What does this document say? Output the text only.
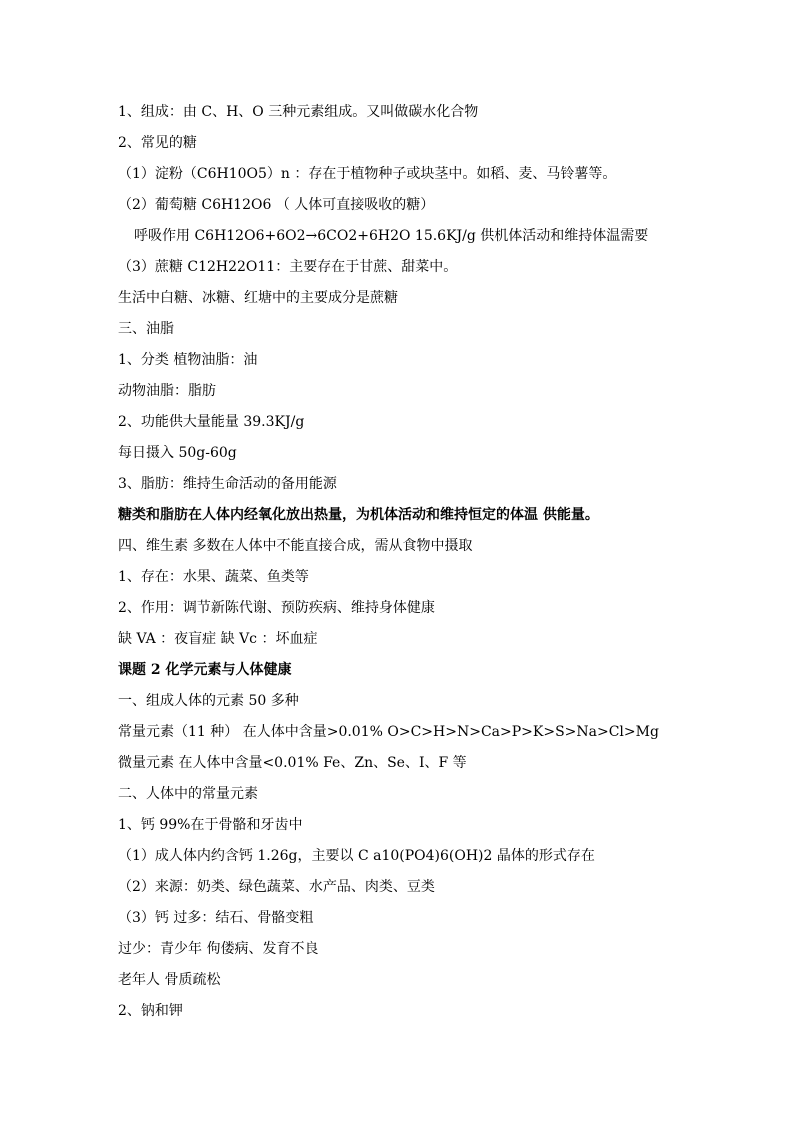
1、组成：由 C、H、O 三种元素组成。又叫做碳水化合物
2、常见的糖
（1）淀粉（C6H10O5）n ：存在于植物种子或块茎中。如稻、麦、马铃薯等。
（2）葡萄糖 C6H12O6 （ 人体可直接吸收的糖）
呼吸作用 C6H12O6+6O2→6CO2+6H2O 15.6KJ/g 供机体活动和维持体温需要
（3）蔗糖 C12H22O11：主要存在于甘蔗、甜菜中。
生活中白糖、冰糖、红塘中的主要成分是蔗糖
三、油脂
1、分类 植物油脂：油
动物油脂：脂肪
2、功能供大量能量 39.3KJ/g
每日摄入 50g-60g
3、脂肪：维持生命活动的备用能源
糖类和脂肪在人体内经氧化放出热量，为机体活动和维持恒定的体温 供能量。
四、维生素 多数在人体中不能直接合成，需从食物中摄取
1、存在：水果、蔬菜、鱼类等
2、作用：调节新陈代谢、预防疾病、维持身体健康
缺 VA ：夜盲症 缺 Vc ：坏血症
课题 2 化学元素与人体健康
一、组成人体的元素 50 多种
常量元素（11 种） 在人体中含量>0.01% O>C>H>N>Ca>P>K>S>Na>Cl>Mg
微量元素 在人体中含量<0.01% Fe、Zn、Se、I、F 等
二、人体中的常量元素
1、钙 99%在于骨骼和牙齿中
（1）成人体内约含钙 1.26g，主要以 C a10(PO4)6(OH)2 晶体的形式存在
（2）来源：奶类、绿色蔬菜、水产品、肉类、豆类
（3）钙 过多：结石、骨骼变粗
过少：青少年 佝偻病、发育不良
老年人 骨质疏松
2、钠和钾
